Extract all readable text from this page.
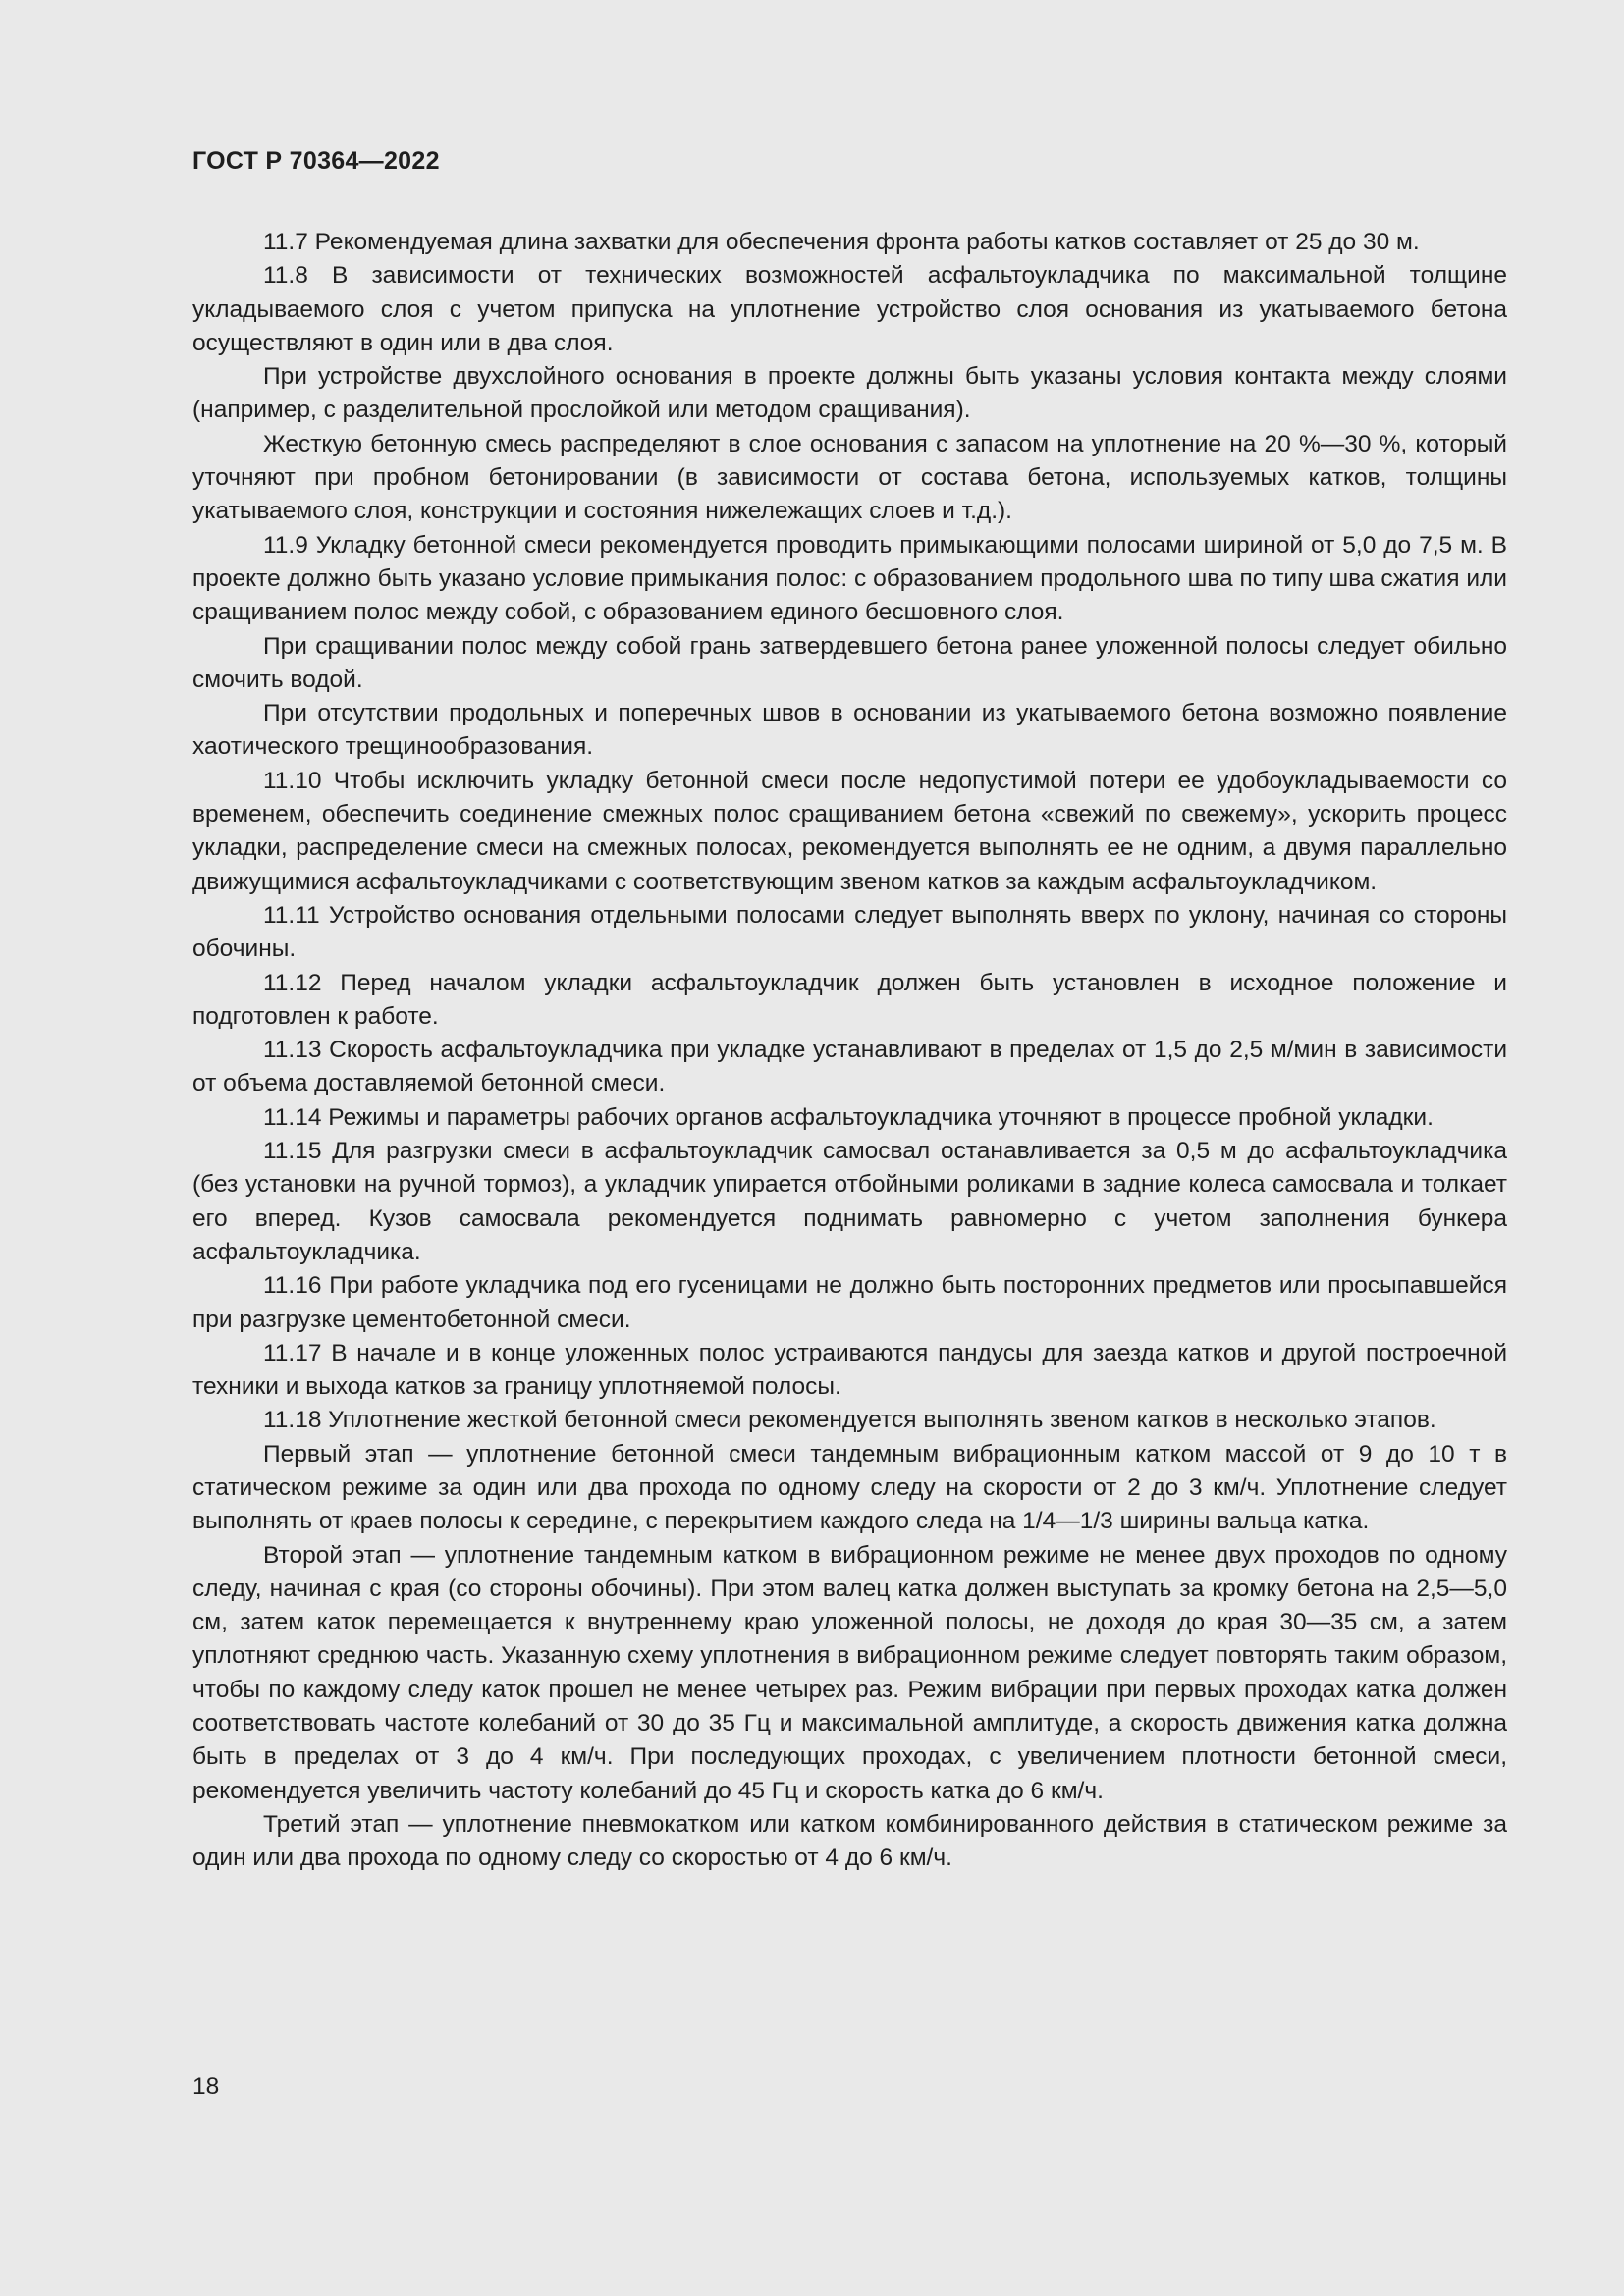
ГОСТ Р 70364—2022

11.7 Рекомендуемая длина захватки для обеспечения фронта работы катков составляет от 25 до 30 м.

11.8 В зависимости от технических возможностей асфальтоукладчика по максимальной толщине укладываемого слоя с учетом припуска на уплотнение устройство слоя основания из укатываемого бетона осуществляют в один или в два слоя.

При устройстве двухслойного основания в проекте должны быть указаны условия контакта между слоями (например, с разделительной прослойкой или методом сращивания).

Жесткую бетонную смесь распределяют в слое основания с запасом на уплотнение на 20 %—30 %, который уточняют при пробном бетонировании (в зависимости от состава бетона, используемых катков, толщины укатываемого слоя, конструкции и состояния нижележащих слоев и т.д.).

11.9 Укладку бетонной смеси рекомендуется проводить примыкающими полосами шириной от 5,0 до 7,5 м. В проекте должно быть указано условие примыкания полос: с образованием продольного шва по типу шва сжатия или сращиванием полос между собой, с образованием единого бесшовного слоя.

При сращивании полос между собой грань затвердевшего бетона ранее уложенной полосы следует обильно смочить водой.

При отсутствии продольных и поперечных швов в основании из укатываемого бетона возможно появление хаотического трещинообразования.

11.10 Чтобы исключить укладку бетонной смеси после недопустимой потери ее удобоукладываемости со временем, обеспечить соединение смежных полос сращиванием бетона «свежий по свежему», ускорить процесс укладки, распределение смеси на смежных полосах, рекомендуется выполнять ее не одним, а двумя параллельно движущимися асфальтоукладчиками с соответствующим звеном катков за каждым асфальтоукладчиком.

11.11 Устройство основания отдельными полосами следует выполнять вверх по уклону, начиная со стороны обочины.

11.12 Перед началом укладки асфальтоукладчик должен быть установлен в исходное положение и подготовлен к работе.

11.13 Скорость асфальтоукладчика при укладке устанавливают в пределах от 1,5 до 2,5 м/мин в зависимости от объема доставляемой бетонной смеси.

11.14 Режимы и параметры рабочих органов асфальтоукладчика уточняют в процессе пробной укладки.

11.15 Для разгрузки смеси в асфальтоукладчик самосвал останавливается за 0,5 м до асфальтоукладчика (без установки на ручной тормоз), а укладчик упирается отбойными роликами в задние колеса самосвала и толкает его вперед. Кузов самосвала рекомендуется поднимать равномерно с учетом заполнения бункера асфальтоукладчика.

11.16 При работе укладчика под его гусеницами не должно быть посторонних предметов или просыпавшейся при разгрузке цементобетонной смеси.

11.17 В начале и в конце уложенных полос устраиваются пандусы для заезда катков и другой построечной техники и выхода катков за границу уплотняемой полосы.

11.18 Уплотнение жесткой бетонной смеси рекомендуется выполнять звеном катков в несколько этапов.

Первый этап — уплотнение бетонной смеси тандемным вибрационным катком массой от 9 до 10 т в статическом режиме за один или два прохода по одному следу на скорости от 2 до 3 км/ч. Уплотнение следует выполнять от краев полосы к середине, с перекрытием каждого следа на 1/4—1/3 ширины вальца катка.

Второй этап — уплотнение тандемным катком в вибрационном режиме не менее двух проходов по одному следу, начиная с края (со стороны обочины). При этом валец катка должен выступать за кромку бетона на 2,5—5,0 см, затем каток перемещается к внутреннему краю уложенной полосы, не доходя до края 30—35 см, а затем уплотняют среднюю часть. Указанную схему уплотнения в вибрационном режиме следует повторять таким образом, чтобы по каждому следу каток прошел не менее четырех раз. Режим вибрации при первых проходах катка должен соответствовать частоте колебаний от 30 до 35 Гц и максимальной амплитуде, а скорость движения катка должна быть в пределах от 3 до 4 км/ч. При последующих проходах, с увеличением плотности бетонной смеси, рекомендуется увеличить частоту колебаний до 45 Гц и скорость катка до 6 км/ч.

Третий этап — уплотнение пневмокатком или катком комбинированного действия в статическом режиме за один или два прохода по одному следу со скоростью от 4 до 6 км/ч.

18
